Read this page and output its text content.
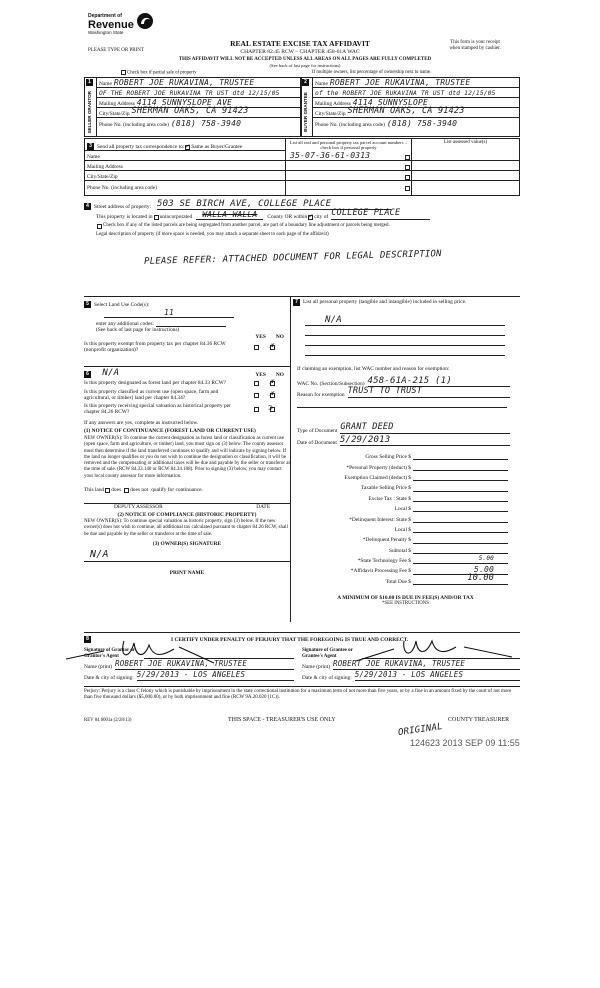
Department of
Revenue
Washington State
PLEASE TYPE OR PRINT
REAL ESTATE EXCISE TAX AFFIDAVIT
CHAPTER 82.45 RCW – CHAPTER 458-61A WAC
This form is your receipt
when stamped by cashier.
THIS AFFIDAVIT WILL NOT BE ACCEPTED UNLESS ALL AREAS ON ALL PAGES ARE FULLY COMPLETED
(See back of last page for instructions)
Check box if partial sale of property	If multiple owners, list percentage of ownership next to name.
1
SELLER GRANTOR
Name ROBERT JOE RUKAVINA, TRUSTEE
OF THE ROBERT JOE RUKAVINA TR UST dtd 12/15/05
Mailing Address 4114 SUNNYSLOPE AVE
City/State/Zip SHERMAN OAKS, CA 91423
Phone No. (including area code) (818) 758-3940
2
BUYER GRANTEE
Name ROBERT JOE RUKAVINA, TRUSTEE
of the ROBERT JOE RUKAVINA TR UST dtd 12/15/05
Mailing Address 4114 SUNNYSLOPE
City/State/Zip SHERMAN OAKS, CA 91423
Phone No. (including area code) (818) 758-3940
3 Send all property tax correspondence to: ✓ Same as Buyer/Grantee
Name
Mailing Address
City/State/Zip
Phone No. (including area code)
List all real and personal property tax parcel account numbers – check box if personal property
35-07-36-61-0313
List assessed value(s)
4 Street address of property: 503 SE BIRCH AVE, COLLEGE PLACE
This property is located in unincorporated	WALLA WALLA	County OR within ✓ city of COLLEGE PLACE
Check box if any of the listed parcels are being segregated from another parcel, are part of a boundary line adjustment or parcels being merged.
Legal description of property (if more space is needed, you may attach a separate sheet to each page of the affidavit)
PLEASE REFER: ATTACHED DOCUMENT FOR LEGAL DESCRIPTION
5 Select Land Use Code(s):
11
enter any additional codes:
(See back of last page for instructions)
YES NO
Is this property exempt from property tax per chapter 84.36 RCW (nonprofit organization)?
✗
6 N/A	YES NO
Is this property designated as forest land per chapter 84.33 RCW?	✗
Is this property classified as current use (open space, farm and agricultural, or timber) land per chapter 84.34?
✗
Is this property receiving special valuation as historical property per chapter 84.26 RCW?
⊃
If any answers are yes, complete as instructed below.
(1) NOTICE OF CONTINUANCE (FOREST LAND OR CURRENT USE)
NEW OWNER(S): To continue the current designation as forest land or classification as current use (open space, farm and agriculture, or timber) land, you must sign on (3) below. The county assessor must then determine if the land transferred continues to qualify and will indicate by signing below. If the land no longer qualifies or you do not wish to continue the designation or classification, it will be removed and the compensating or additional taxes will be due and payable by the seller or transferor at the time of sale. (RCW 84.33.140 or RCW 84.34.108). Prior to signing (3) below, you may contact your local county assessor for more information.
This land does does not qualify for continuance.
DEPUTY ASSESSOR	DATE
(2) NOTICE OF COMPLIANCE (HISTORIC PROPERTY)
NEW OWNER(S): To continue special valuation as historic property, sign (3) below. If the new owner(s) does not wish to continue, all additional tax calculated pursuant to chapter 84.26 RCW, shall be due and payable by the seller or transferor at the time of sale.
(3) OWNER(S) SIGNATURE
N/A
PRINT NAME
7 List all personal property (tangible and intangible) included in selling price.
N/A
If claiming an exemption, list WAC number and reason for exemption:
WAC No. (Section/Subsection) 458-61A-215 (1)
Reason for exemption TRUST TO TRUST
Type of Document GRANT DEED
Date of Document 5/29/2013
Gross Selling Price $
*Personal Property (deduct) $
Exemption Claimed (deduct) $
Taxable Selling Price $
Excise Tax : State $
Local $
*Delinquent Interest: State $
Local $
*Delinquent Penalty $
Subtotal $
*State Technology Fee $	5.00
*Affidavit Processing Fee $	5.00
Total Due $	10.00
A MINIMUM OF $10.00 IS DUE IN FEE(S) AND/OR TAX
*SEE INSTRUCTIONS
8	I CERTIFY UNDER PENALTY OF PERJURY THAT THE FOREGOING IS TRUE AND CORRECT.
Signature of Grantor or Grantor's Agent
Name (print) ROBERT JOE RUKAVINA, TRUSTEE
Date & city of signing: 5/29/2013 - LOS ANGELES
Signature of Grantee or Grantee's Agent
Name (print) ROBERT JOE RUKAVINA, TRUSTEE
Date & city of signing: 5/29/2013 - LOS ANGELES
Perjury: Perjury is a class C felony which is punishable by imprisonment in the state correctional institution for a maximum term of not more than five years, or by a fine in an amount fixed by the court of not more than five thousand dollars ($5,000.00), or by both imprisonment and fine (RCW 9A.20.020 (1C)).
REV 84 0001a (2/28/13)	THIS SPACE - TREASURER'S USE ONLY	COUNTY TREASURER
ORIGINAL
124623 2013 SEP 09 11:55
